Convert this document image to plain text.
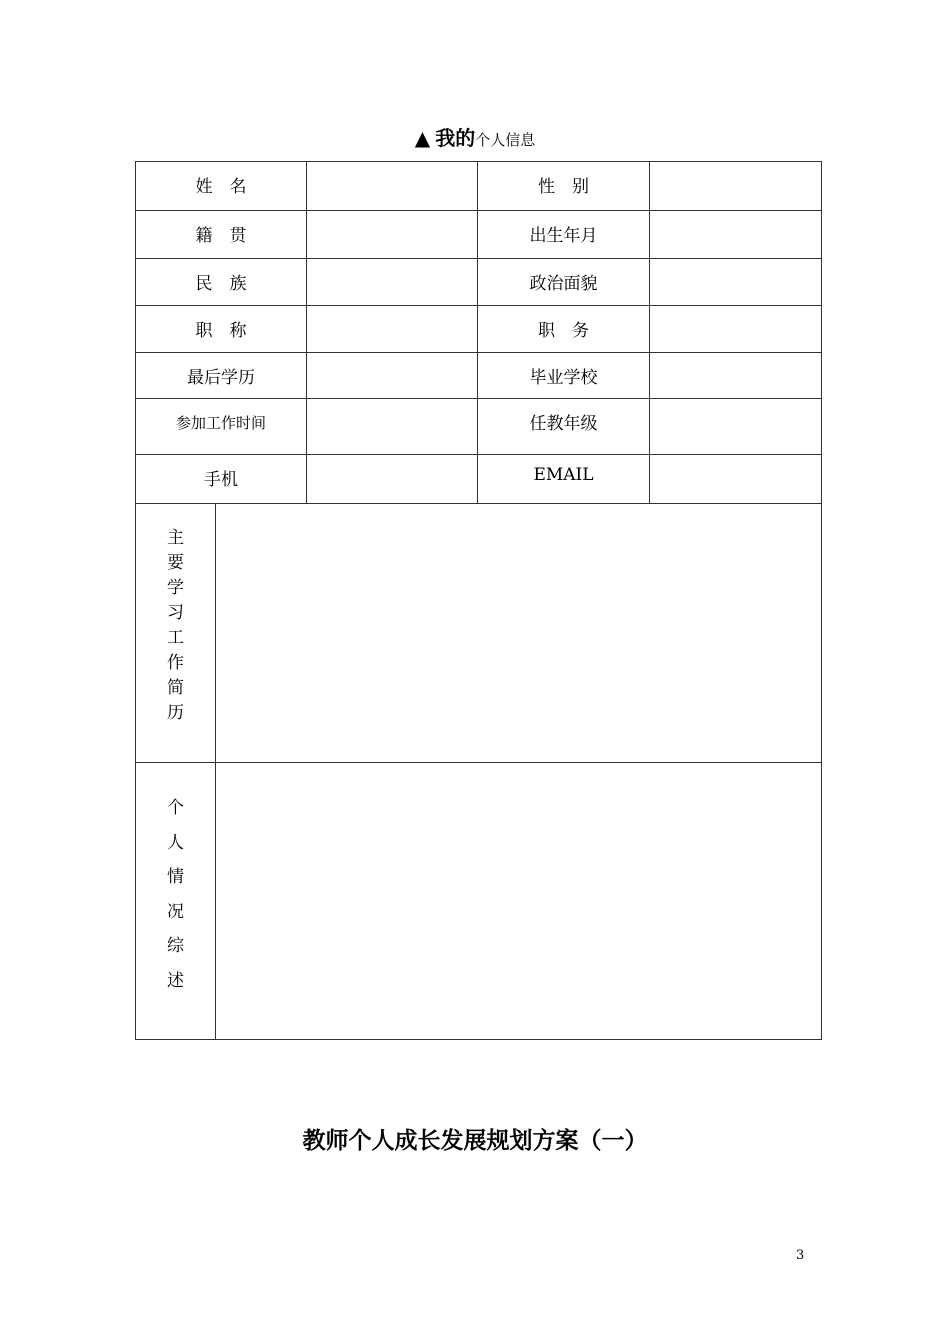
▲ 我的个人信息
姓　名			性　别	
籍　贯			出生年月	
民　族			政治面貌	
职　称			职　务	
最后学历			毕业学校	
参加工作时间			任教年级	
手机			EMAIL	

主要学习工作简历				

个人情况综述				

教师个人成长发展规划方案（一）
3
